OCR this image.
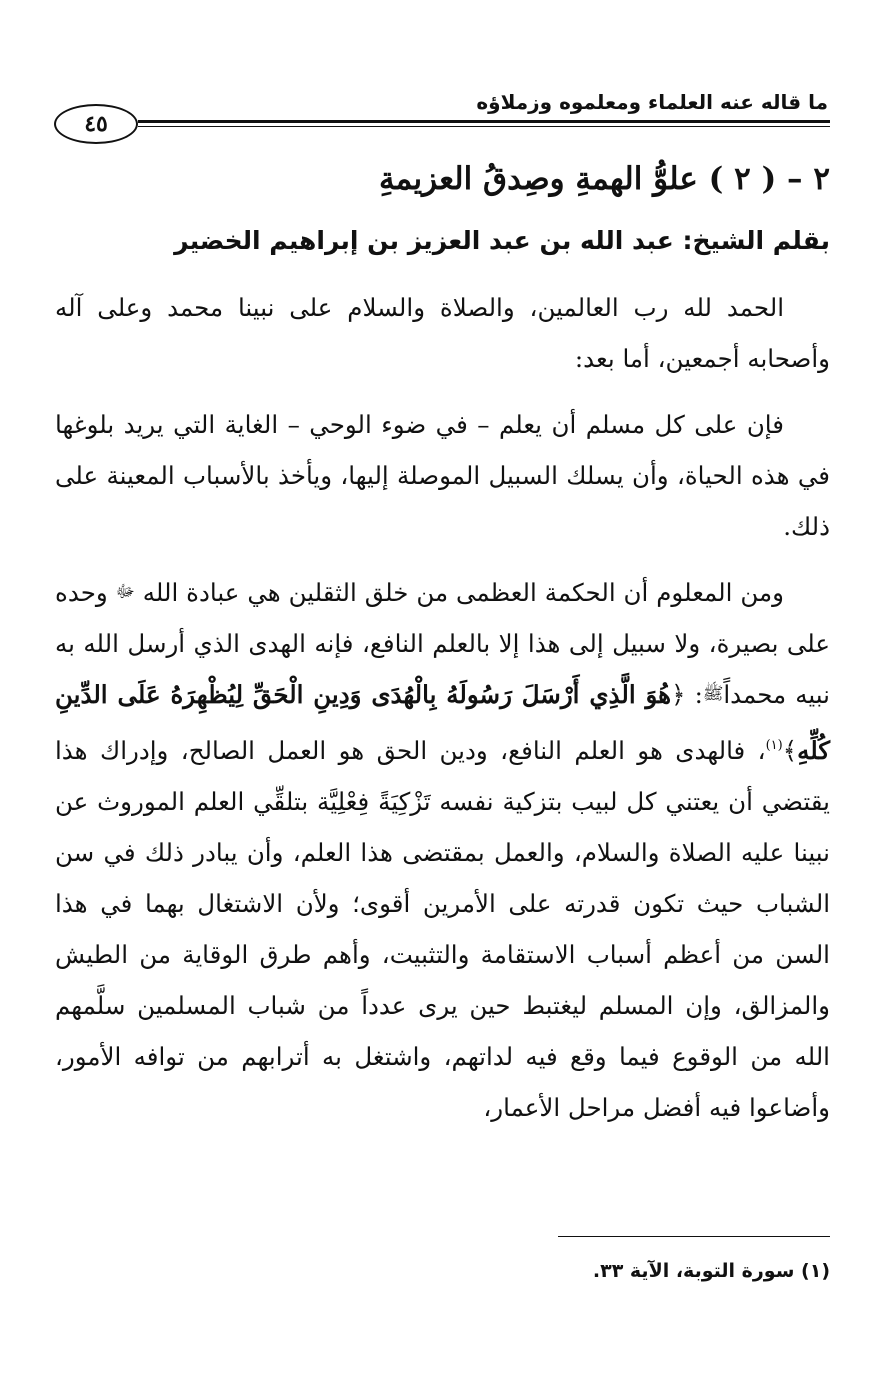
ما قاله عنه العلماء ومعلموه وزملاؤه
٤٥
٢ – ( ٢ ) علوُّ الهمةِ وصِدقُ العزيمةِ
بقلم الشيخ: عبد الله بن عبد العزيز بن إبراهيم الخضير

الحمد لله رب العالمين، والصلاة والسلام على نبينا محمد وعلى آله وأصحابه أجمعين، أما بعد:

فإن على كل مسلم أن يعلم – في ضوء الوحي – الغاية التي يريد بلوغها في هذه الحياة، وأن يسلك السبيل الموصلة إليها، ويأخذ بالأسباب المعينة على ذلك.

ومن المعلوم أن الحكمة العظمى من خلق الثقلين هي عبادة الله ﷻ وحده على بصيرة، ولا سبيل إلى هذا إلا بالعلم النافع، فإنه الهدى الذي أرسل الله به نبيه محمداًﷺ: ﴿هُوَ الَّذِي أَرْسَلَ رَسُولَهُ بِالْهُدَى وَدِينِ الْحَقِّ لِيُظْهِرَهُ عَلَى الدِّينِ كُلِّهِ﴾$^{(١)}$، فالهدى هو العلم النافع، ودين الحق هو العمل الصالح، وإدراك هذا يقتضي أن يعتني كل لبيب بتزكية نفسه تَزْكِيَةً فِعْلِيَّة بتلقِّي العلم الموروث عن نبينا عليه الصلاة والسلام، والعمل بمقتضى هذا العلم، وأن يبادر ذلك في سن الشباب حيث تكون قدرته على الأمرين أقوى؛ ولأن الاشتغال بهما في هذا السن من أعظم أسباب الاستقامة والتثبيت، وأهم طرق الوقاية من الطيش والمزالق، وإن المسلم ليغتبط حين يرى عدداً من شباب المسلمين سلَّمهم الله من الوقوع فيما وقع فيه لداتهم، واشتغل به أترابهم من توافه الأمور، وأضاعوا فيه أفضل مراحل الأعمار،

(١) سورة التوبة، الآية ٣٣.
